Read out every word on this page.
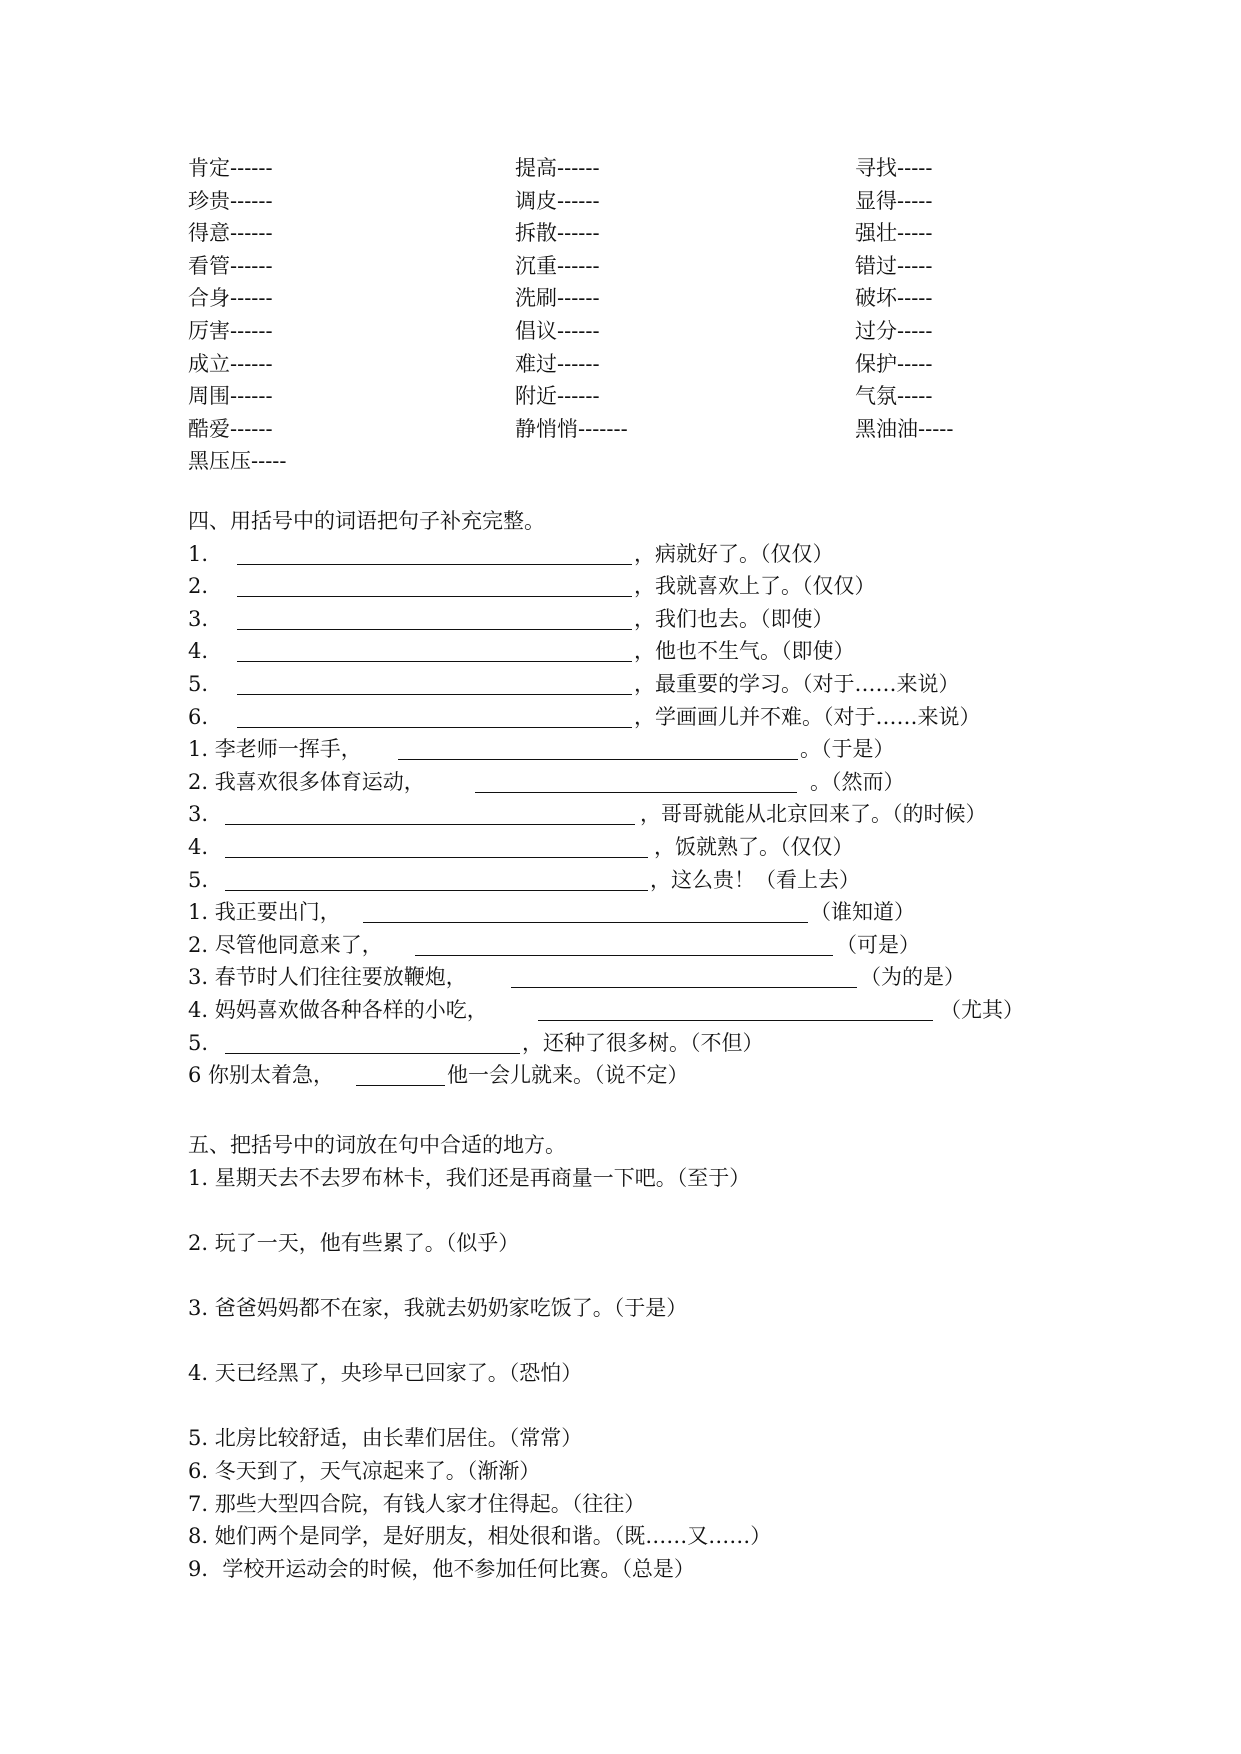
肯定------	提高------	寻找-----
珍贵------	调皮------	显得-----
得意------	拆散------	强壮-----
看管------	沉重------	错过-----
合身------	洗刷------	破坏-----
厉害------	倡议------	过分-----
成立------	难过------	保护-----
周围------	附近------	气氛-----
酷爱------	静悄悄-------	黑油油-----
黑压压-----
四、用括号中的词语把句子补充完整。
1.	，病就好了。（仅仅）
2.	，我就喜欢上了。（仅仅）
3.	，我们也去。（即使）
4.	，他也不生气。（即使）
5.	，最重要的学习。（对于……来说）
6.	，学画画儿并不难。（对于……来说）
1. 李老师一挥手，	。（于是）
2. 我喜欢很多体育运动，	。（然而）
3.	，哥哥就能从北京回来了。（的时候）
4.	，饭就熟了。（仅仅）
5.	，这么贵！（看上去）
1. 我正要出门，	（谁知道）
2. 尽管他同意来了，	（可是）
3. 春节时人们往往要放鞭炮，	（为的是）
4. 妈妈喜欢做各种各样的小吃，	（尤其）
5.	，还种了很多树。（不但）
6 你别太着急，	他一会儿就来。（说不定）
五、把括号中的词放在句中合适的地方。
1. 星期天去不去罗布林卡，我们还是再商量一下吧。（至于）
2. 玩了一天，他有些累了。（似乎）
3. 爸爸妈妈都不在家，我就去奶奶家吃饭了。（于是）
4. 天已经黑了，央珍早已回家了。（恐怕）
5. 北房比较舒适，由长辈们居住。（常常）
6. 冬天到了，天气凉起来了。（渐渐）
7. 那些大型四合院，有钱人家才住得起。（往往）
8. 她们两个是同学，是好朋友，相处很和谐。（既……又……）
9．学校开运动会的时候，他不参加任何比赛。（总是）
